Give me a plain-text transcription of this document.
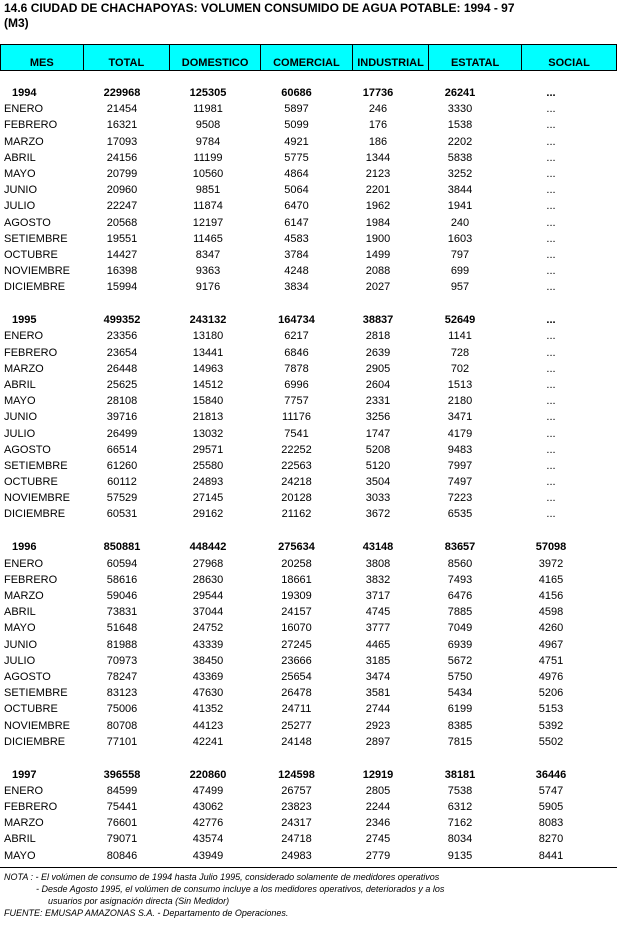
14.6 CIUDAD DE CHACHAPOYAS: VOLUMEN CONSUMIDO DE AGUA POTABLE: 1994 - 97
(M3)
MES	TOTAL	DOMESTICO	COMERCIAL	INDUSTRIAL	ESTATAL	SOCIAL
1994	229968	125305	60686	17736	26241	...
ENERO	21454	11981	5897	246	3330	...
FEBRERO	16321	9508	5099	176	1538	...
MARZO	17093	9784	4921	186	2202	...
ABRIL	24156	11199	5775	1344	5838	...
MAYO	20799	10560	4864	2123	3252	...
JUNIO	20960	9851	5064	2201	3844	...
JULIO	22247	11874	6470	1962	1941	...
AGOSTO	20568	12197	6147	1984	240	...
SETIEMBRE	19551	11465	4583	1900	1603	...
OCTUBRE	14427	8347	3784	1499	797	...
NOVIEMBRE	16398	9363	4248	2088	699	...
DICIEMBRE	15994	9176	3834	2027	957	...
1995	499352	243132	164734	38837	52649	...
ENERO	23356	13180	6217	2818	1141	...
FEBRERO	23654	13441	6846	2639	728	...
MARZO	26448	14963	7878	2905	702	...
ABRIL	25625	14512	6996	2604	1513	...
MAYO	28108	15840	7757	2331	2180	...
JUNIO	39716	21813	11176	3256	3471	...
JULIO	26499	13032	7541	1747	4179	...
AGOSTO	66514	29571	22252	5208	9483	...
SETIEMBRE	61260	25580	22563	5120	7997	...
OCTUBRE	60112	24893	24218	3504	7497	...
NOVIEMBRE	57529	27145	20128	3033	7223	...
DICIEMBRE	60531	29162	21162	3672	6535	...
1996	850881	448442	275634	43148	83657	57098
ENERO	60594	27968	20258	3808	8560	3972
FEBRERO	58616	28630	18661	3832	7493	4165
MARZO	59046	29544	19309	3717	6476	4156
ABRIL	73831	37044	24157	4745	7885	4598
MAYO	51648	24752	16070	3777	7049	4260
JUNIO	81988	43339	27245	4465	6939	4967
JULIO	70973	38450	23666	3185	5672	4751
AGOSTO	78247	43369	25654	3474	5750	4976
SETIEMBRE	83123	47630	26478	3581	5434	5206
OCTUBRE	75006	41352	24711	2744	6199	5153
NOVIEMBRE	80708	44123	25277	2923	8385	5392
DICIEMBRE	77101	42241	24148	2897	7815	5502
1997	396558	220860	124598	12919	38181	36446
ENERO	84599	47499	26757	2805	7538	5747
FEBRERO	75441	43062	23823	2244	6312	5905
MARZO	76601	42776	24317	2346	7162	8083
ABRIL	79071	43574	24718	2745	8034	8270
MAYO	80846	43949	24983	2779	9135	8441
NOTA : - El volúmen de consumo de 1994 hasta Julio 1995, considerado solamente de medidores operativos
- Desde Agosto 1995, el volúmen de consumo incluye a los medidores operativos, deteriorados y a los
usuarios por asignación directa (Sin Medidor)
FUENTE: EMUSAP AMAZONAS S.A. - Departamento de Operaciones.
